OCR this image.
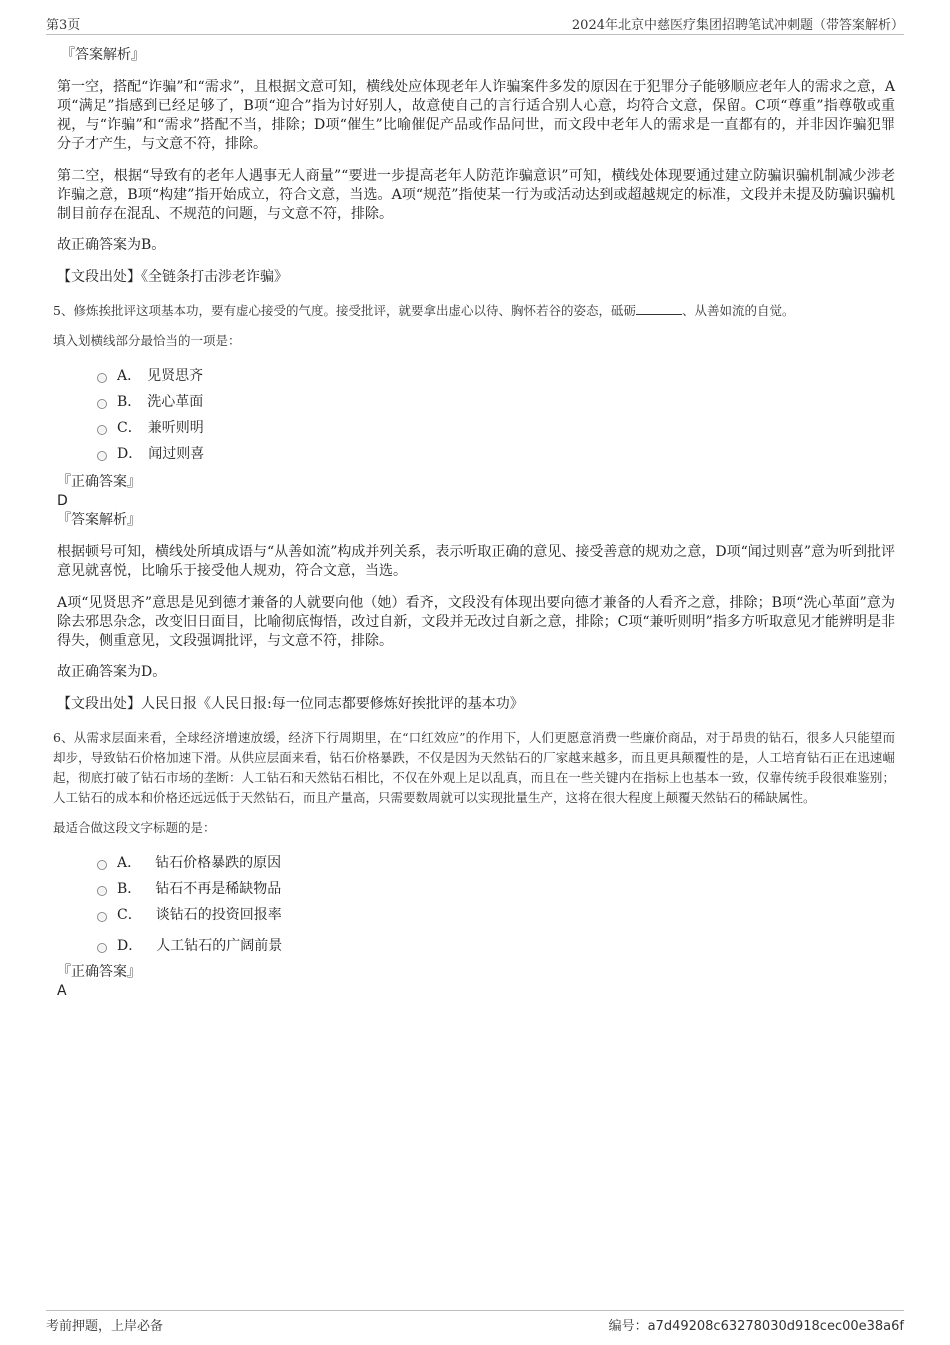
第3页	2024年北京中慈医疗集团招聘笔试冲刺题（带答案解析）
『答案解析』

第一空，搭配“诈骗”和“需求”，且根据文意可知，横线处应体现老年人诈骗案件多发的原因在于犯罪分子能够顺应老年人的需求之意，A项“满足”指感到已经足够了，B项“迎合”指为讨好别人，故意使自己的言行适合别人心意，均符合文意，保留。C项“尊重”指尊敬或重视，与“诈骗”和“需求”搭配不当，排除；D项“催生”比喻催促产品或作品问世，而文段中老年人的需求是一直都有的，并非因诈骗犯罪分子才产生，与文意不符，排除。

第二空，根据“导致有的老年人遇事无人商量”“要进一步提高老年人防范诈骗意识”可知，横线处体现要通过建立防骗识骗机制减少涉老诈骗之意，B项“构建”指开始成立，符合文意，当选。A项“规范”指使某一行为或活动达到或超越规定的标准，文段并未提及防骗识骗机制目前存在混乱、不规范的问题，与文意不符，排除。

故正确答案为B。

【文段出处】《全链条打击涉老诈骗》

5、修炼挨批评这项基本功，要有虚心接受的气度。接受批评，就要拿出虚心以待、胸怀若谷的姿态，砥砺	、从善如流的自觉。

填入划横线部分最恰当的一项是：

A． 见贤思齐
B． 洗心革面
C． 兼听则明
D． 闻过则喜
『正确答案』
D
『答案解析』

根据顿号可知，横线处所填成语与“从善如流”构成并列关系，表示听取正确的意见、接受善意的规劝之意，D项“闻过则喜”意为听到批评意见就喜悦，比喻乐于接受他人规劝，符合文意，当选。

A项“见贤思齐”意思是见到德才兼备的人就要向他（她）看齐，文段没有体现出要向德才兼备的人看齐之意，排除；B项“洗心革面”意为除去邪思杂念，改变旧日面目，比喻彻底悔悟，改过自新，文段并无改过自新之意，排除；C项“兼听则明”指多方听取意见才能辨明是非得失，侧重意见，文段强调批评，与文意不符，排除。

故正确答案为D。

【文段出处】人民日报《人民日报:每一位同志都要修炼好挨批评的基本功》

6、从需求层面来看，全球经济增速放缓，经济下行周期里，在“口红效应”的作用下，人们更愿意消费一些廉价商品，对于昂贵的钻石，很多人只能望而却步，导致钻石价格加速下滑。从供应层面来看，钻石价格暴跌，不仅是因为天然钻石的厂家越来越多，而且更具颠覆性的是，人工培育钻石正在迅速崛起，彻底打破了钻石市场的垄断：人工钻石和天然钻石相比，不仅在外观上足以乱真，而且在一些关键内在指标上也基本一致，仅靠传统手段很难鉴别；人工钻石的成本和价格还远远低于天然钻石，而且产量高，只需要数周就可以实现批量生产，这将在很大程度上颠覆天然钻石的稀缺属性。

最适合做这段文字标题的是：

A． 钻石价格暴跌的原因
B． 钻石不再是稀缺物品
C． 谈钻石的投资回报率
D． 人工钻石的广阔前景
『正确答案』
A
考前押题，上岸必备	编号：a7d49208c63278030d918cec00e38a6f
